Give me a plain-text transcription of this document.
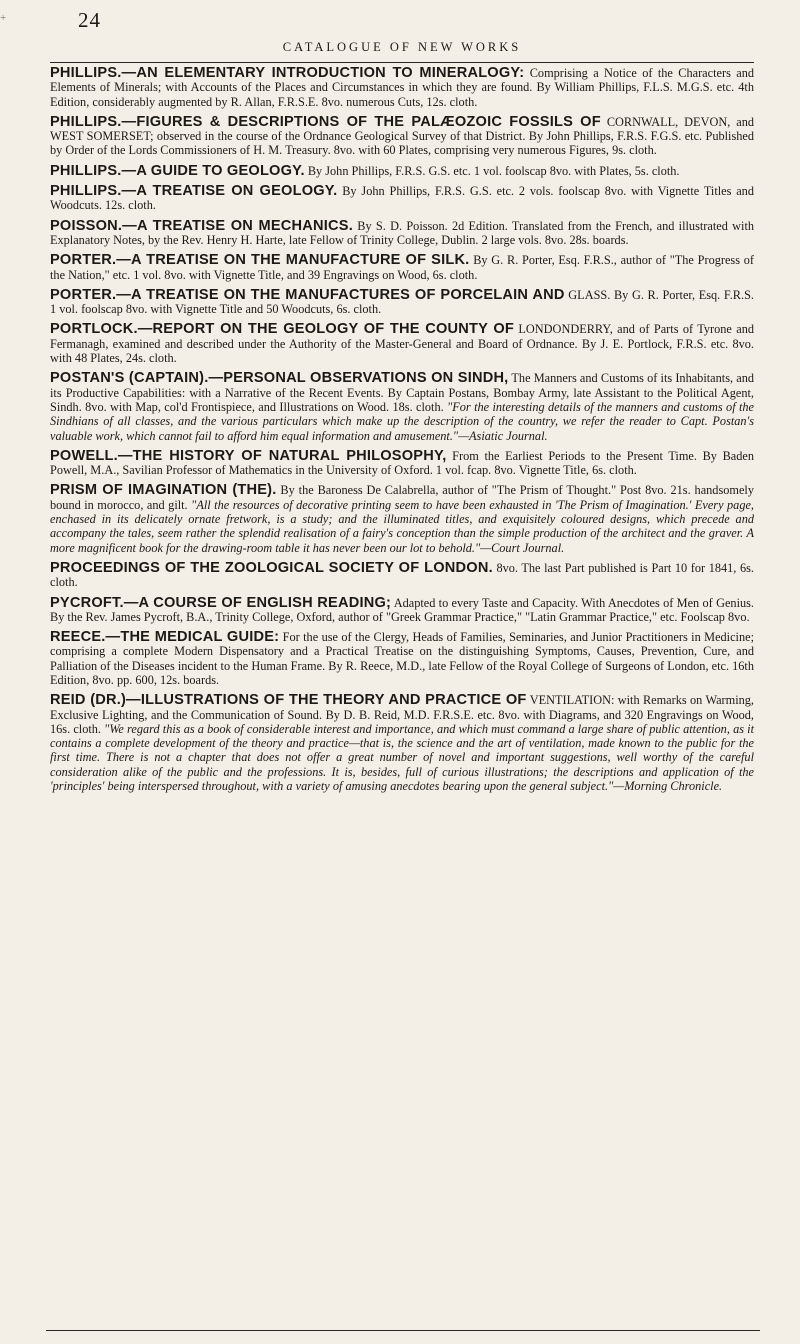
+	24
CATALOGUE OF NEW WORKS

PHILLIPS.—AN ELEMENTARY INTRODUCTION TO MINERALOGY: Comprising a Notice of the Characters and Elements of Minerals; with Accounts of the Places and Circumstances in which they are found. By William Phillips, F.L.S. M.G.S. etc. 4th Edition, considerably augmented by R. Allan, F.R.S.E. 8vo. numerous Cuts, 12s. cloth.

PHILLIPS.—FIGURES & DESCRIPTIONS OF THE PALÆOZOIC FOSSILS OF CORNWALL, DEVON, and WEST SOMERSET; observed in the course of the Ordnance Geological Survey of that District. By John Phillips, F.R.S. F.G.S. etc. Published by Order of the Lords Commissioners of H. M. Treasury. 8vo. with 60 Plates, comprising very numerous Figures, 9s. cloth.

PHILLIPS.—A GUIDE TO GEOLOGY. By John Phillips, F.R.S. G.S. etc. 1 vol. foolscap 8vo. with Plates, 5s. cloth.

PHILLIPS.—A TREATISE ON GEOLOGY. By John Phillips, F.R.S. G.S. etc. 2 vols. foolscap 8vo. with Vignette Titles and Woodcuts. 12s. cloth.

POISSON.—A TREATISE ON MECHANICS. By S. D. Poisson. 2d Edition. Translated from the French, and illustrated with Explanatory Notes, by the Rev. Henry H. Harte, late Fellow of Trinity College, Dublin. 2 large vols. 8vo. 28s. boards.

PORTER.—A TREATISE ON THE MANUFACTURE OF SILK. By G. R. Porter, Esq. F.R.S., author of "The Progress of the Nation," etc. 1 vol. 8vo. with Vignette Title, and 39 Engravings on Wood, 6s. cloth.

PORTER.—A TREATISE ON THE MANUFACTURES OF PORCELAIN AND GLASS. By G. R. Porter, Esq. F.R.S. 1 vol. foolscap 8vo. with Vignette Title and 50 Woodcuts, 6s. cloth.

PORTLOCK.—REPORT ON THE GEOLOGY OF THE COUNTY OF LONDONDERRY, and of Parts of Tyrone and Fermanagh, examined and described under the Authority of the Master-General and Board of Ordnance. By J. E. Portlock, F.R.S. etc. 8vo. with 48 Plates, 24s. cloth.

POSTAN'S (CAPTAIN).—PERSONAL OBSERVATIONS ON SINDH, The Manners and Customs of its Inhabitants, and its Productive Capabilities: with a Narrative of the Recent Events. By Captain Postans, Bombay Army, late Assistant to the Political Agent, Sindh. 8vo. with Map, col'd Frontispiece, and Illustrations on Wood. 18s. cloth. "For the interesting details of the manners and customs of the Sindhians of all classes, and the various particulars which make up the description of the country, we refer the reader to Capt. Postan's valuable work, which cannot fail to afford him equal information and amusement."—Asiatic Journal.

POWELL.—THE HISTORY OF NATURAL PHILOSOPHY, From the Earliest Periods to the Present Time. By Baden Powell, M.A., Savilian Professor of Mathematics in the University of Oxford. 1 vol. fcap. 8vo. Vignette Title, 6s. cloth.

PRISM OF IMAGINATION (THE). By the Baroness De Calabrella, author of "The Prism of Thought." Post 8vo. 21s. handsomely bound in morocco, and gilt. "All the resources of decorative printing seem to have been exhausted in 'The Prism of Imagination.' Every page, enchased in its delicately ornate fretwork, is a study; and the illuminated titles, and exquisitely coloured designs, which precede and accompany the tales, seem rather the splendid realisation of a fairy's conception than the simple production of the architect and the graver. A more magnificent book for the drawing-room table it has never been our lot to behold."—Court Journal.

PROCEEDINGS OF THE ZOOLOGICAL SOCIETY OF LONDON. 8vo. The last Part published is Part 10 for 1841, 6s. cloth.

PYCROFT.—A COURSE OF ENGLISH READING; Adapted to every Taste and Capacity. With Anecdotes of Men of Genius. By the Rev. James Pycroft, B.A., Trinity College, Oxford, author of "Greek Grammar Practice," "Latin Grammar Practice," etc. Foolscap 8vo.

REECE.—THE MEDICAL GUIDE: For the use of the Clergy, Heads of Families, Seminaries, and Junior Practitioners in Medicine; comprising a complete Modern Dispensatory and a Practical Treatise on the distinguishing Symptoms, Causes, Prevention, Cure, and Palliation of the Diseases incident to the Human Frame. By R. Reece, M.D., late Fellow of the Royal College of Surgeons of London, etc. 16th Edition, 8vo. pp. 600, 12s. boards.

REID (DR.)—ILLUSTRATIONS OF THE THEORY AND PRACTICE OF VENTILATION: with Remarks on Warming, Exclusive Lighting, and the Communication of Sound. By D. B. Reid, M.D. F.R.S.E. etc. 8vo. with Diagrams, and 320 Engravings on Wood, 16s. cloth. "We regard this as a book of considerable interest and importance, and which must command a large share of public attention, as it contains a complete development of the theory and practice—that is, the science and the art of ventilation, made known to the public for the first time. There is not a chapter that does not offer a great number of novel and important suggestions, well worthy of the careful consideration alike of the public and the professions. It is, besides, full of curious illustrations; the descriptions and application of the 'principles' being interspersed throughout, with a variety of amusing anecdotes bearing upon the general subject."—Morning Chronicle.
